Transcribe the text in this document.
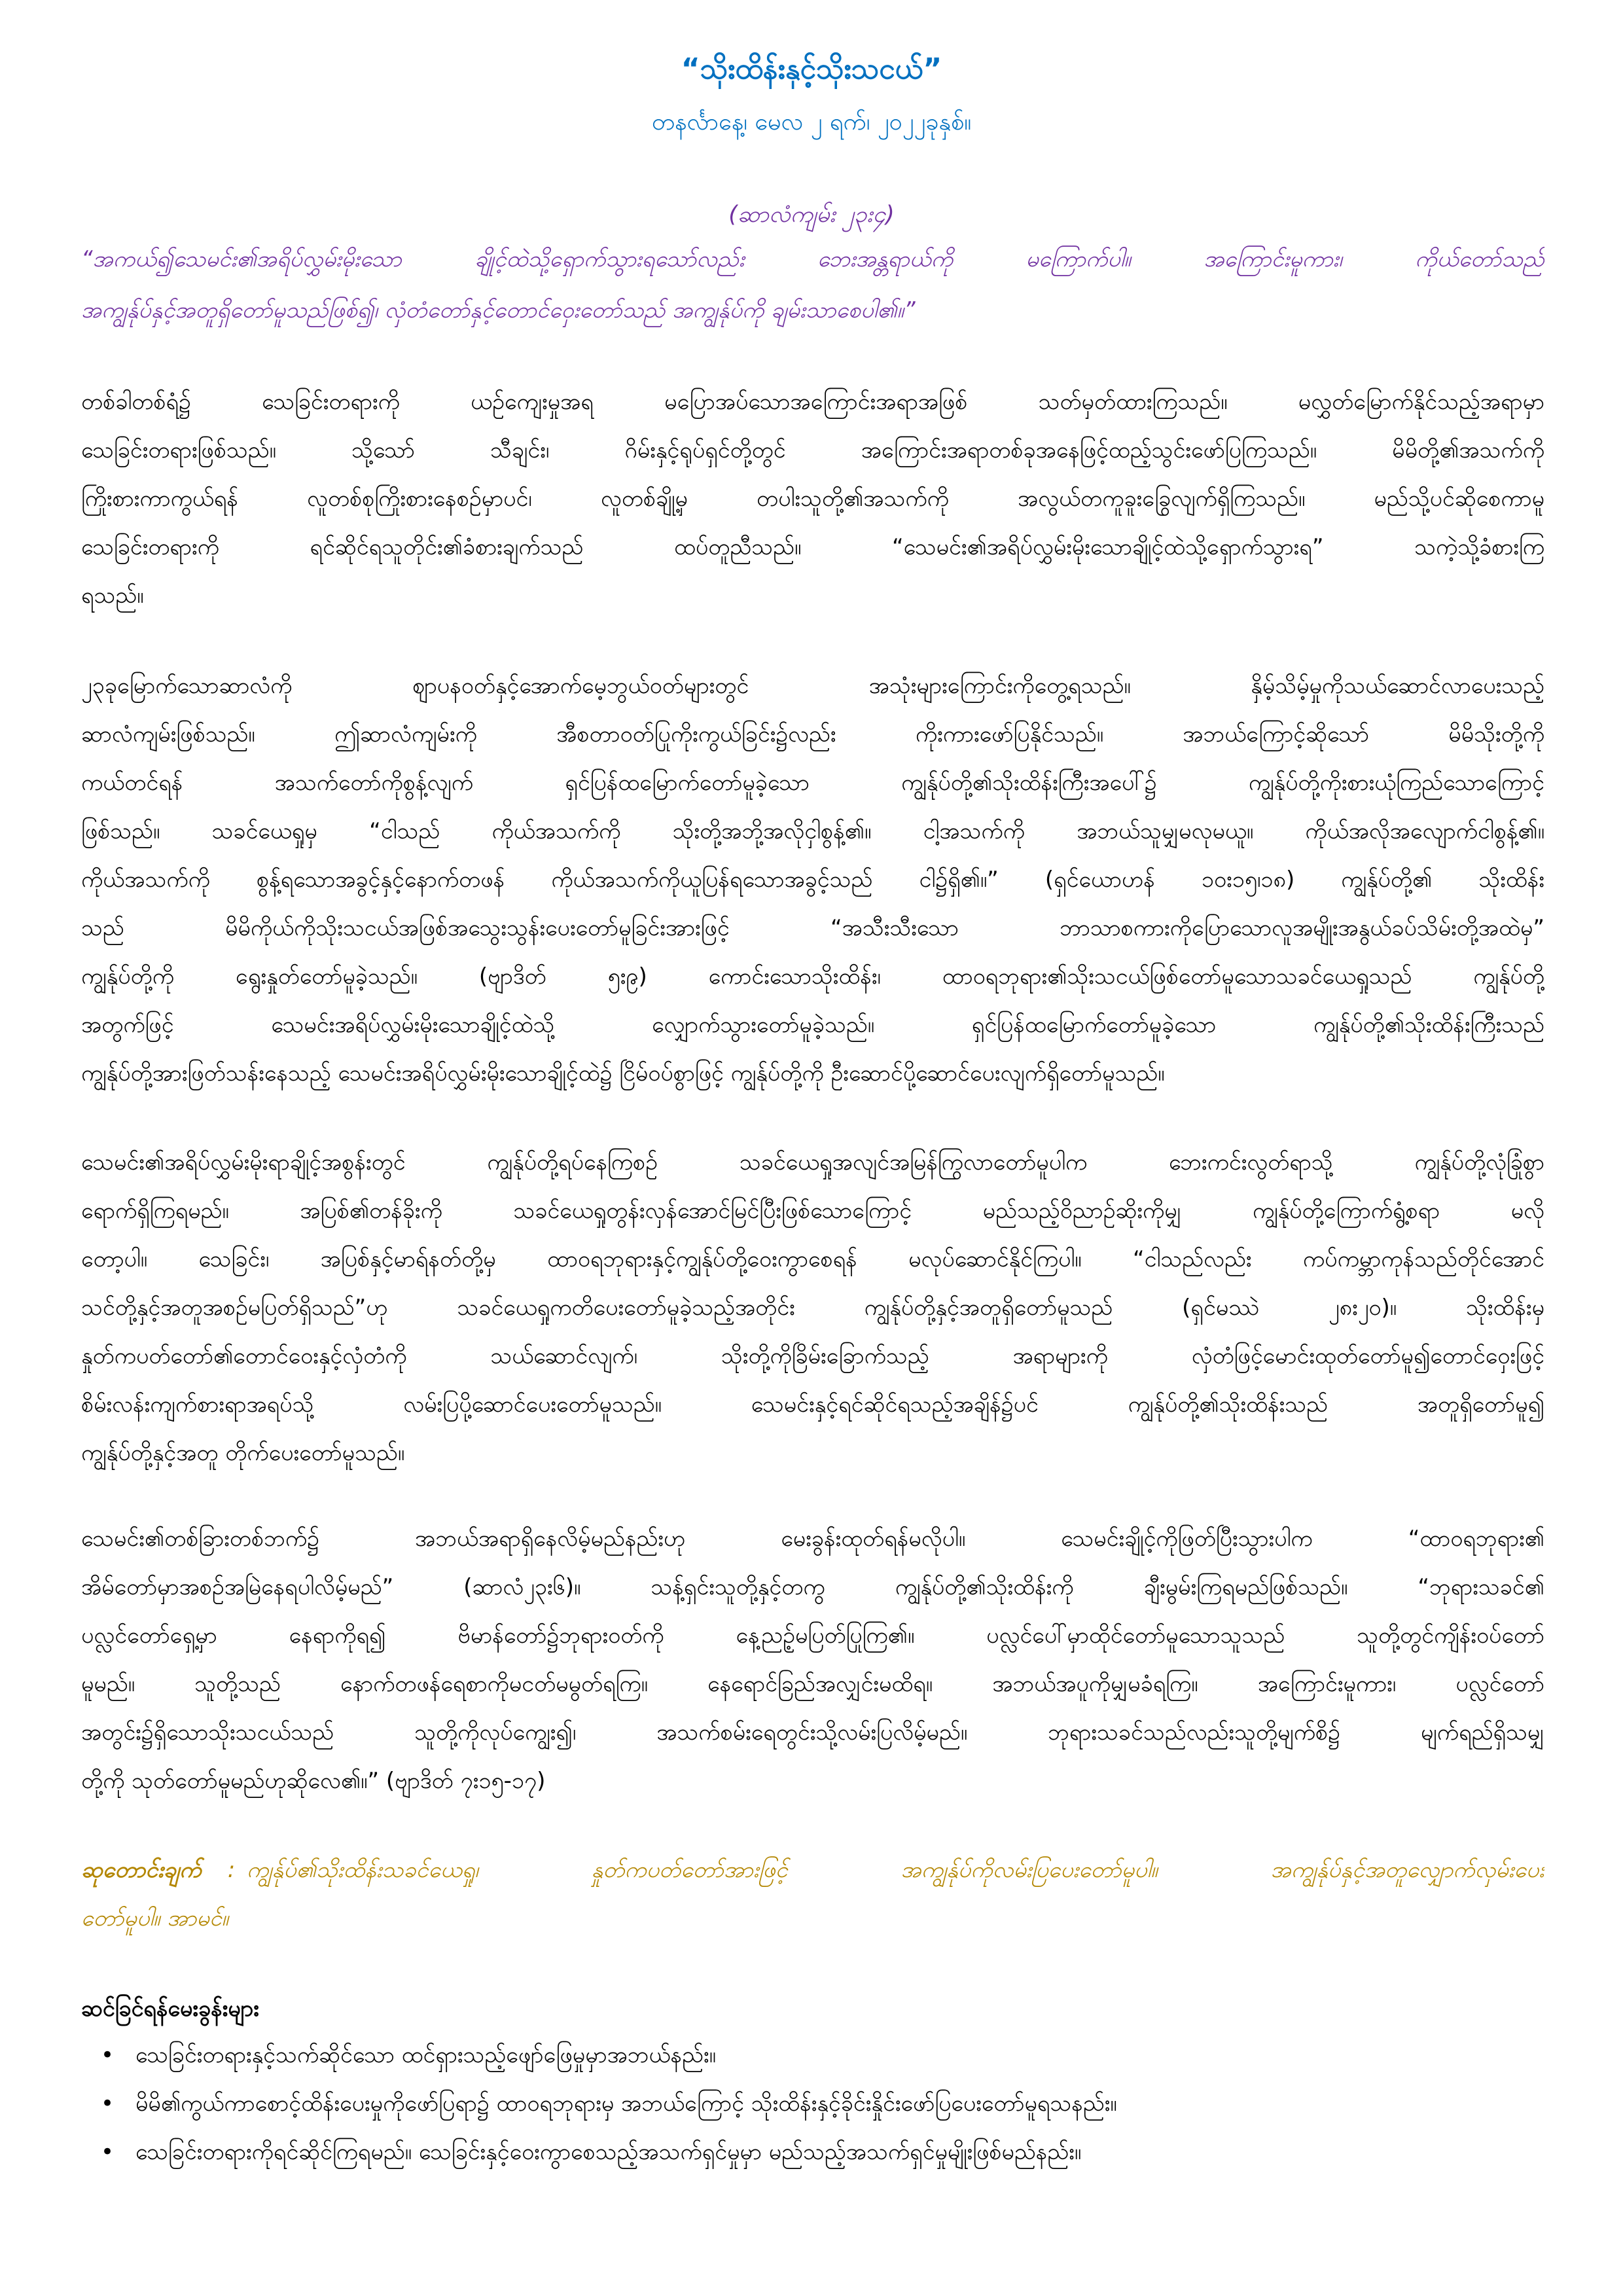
“သိုးထိန်းနှင့်သိုးသငယ်”
တနင်္လာနေ့၊ မေလ ၂ ရက်၊ ၂၀၂၂ခုနှစ်။
(ဆာလံကျမ်း ၂၃း၄)
“အကယ်၍သေမင်း၏အရိပ်လွှမ်းမိုးသော ချိုင့်ထဲသို့ရှောက်သွားရသော်လည်း ဘေးအန္တရာယ်ကို မကြောက်ပါ။ အကြောင်းမူကား၊ ကိုယ်တော်သည်
အကျွန်ုပ်နှင့်အတူရှိတော်မူသည်ဖြစ်၍၊ လှံတံတော်နှင့်တောင်ဝှေးတော်သည် အကျွန်ုပ်ကို ချမ်းသာစေပါ၏။”
တစ်ခါတစ်ရံ၌ သေခြင်းတရားကို ယဉ်ကျေးမှုအရ မပြောအပ်သောအကြောင်းအရာအဖြစ် သတ်မှတ်ထားကြသည်။ မလွှတ်မြောက်နိုင်သည့်အရာမှာ
သေခြင်းတရားဖြစ်သည်။ သို့သော် သီချင်း၊ ဂိမ်းနှင့်ရုပ်ရှင်တို့တွင် အကြောင်းအရာတစ်ခုအနေဖြင့်ထည့်သွင်းဖော်ပြကြသည်။ မိမိတို့၏အသက်ကို
ကြိုးစားကာကွယ်ရန် လူတစ်စုကြိုးစားနေစဉ်မှာပင်၊ လူတစ်ချို့မှ တပါးသူတို့၏အသက်ကို အလွယ်တကူခူးခြွေလျက်ရှိကြသည်။ မည်သို့ပင်ဆိုစေကာမူ
သေခြင်းတရားကို ရင်ဆိုင်ရသူတိုင်း၏ခံစားချက်သည် ထပ်တူညီသည်။ “သေမင်း၏အရိပ်လွှမ်းမိုးသောချိုင့်ထဲသို့ရှောက်သွားရ” သကဲ့သို့ခံစားကြ
ရသည်။
၂၃ခုမြောက်သောဆာလံကို ဈာပနဝတ်နှင့်အောက်မေ့ဘွယ်ဝတ်များတွင် အသုံးများကြောင်းကိုတွေ့ရသည်။ နှိမ့်သိမ့်မှုကိုသယ်ဆောင်လာပေးသည့်
ဆာလံကျမ်းဖြစ်သည်။ ဤဆာလံကျမ်းကို အီစတာဝတ်ပြုကိုးကွယ်ခြင်း၌လည်း ကိုးကားဖော်ပြနိုင်သည်။ အဘယ်ကြောင့်ဆိုသော် မိမိသိုးတို့ကို
ကယ်တင်ရန် အသက်တော်ကိုစွန့်လျက် ရှင်ပြန်ထမြောက်တော်မူခဲ့သော ကျွန်ုပ်တို့၏သိုးထိန်းကြီးအပေါ်၌ ကျွန်ုပ်တို့ကိုးစားယုံကြည်သောကြောင့်
ဖြစ်သည်။ သခင်ယေရှုမှ “ငါသည် ကိုယ်အသက်ကို သိုးတို့အဘို့အလိုငှါစွန့်၏။ ငါ့အသက်ကို အဘယ်သူမျှမလုမယူ။ ကိုယ်အလိုအလျောက်ငါစွန့်၏။
ကိုယ်အသက်ကို စွန့်ရသောအခွင့်နှင့်နောက်တဖန် ကိုယ်အသက်ကိုယူပြန်ရသောအခွင့်သည် ငါ၌ရှိ၏။” (ရှင်ယောဟန် ၁၀း၁၅၊၁၈) ကျွန်ုပ်တို့၏ သိုးထိန်း
သည် မိမိကိုယ်ကိုသိုးသငယ်အဖြစ်အသွေးသွန်းပေးတော်မူခြင်းအားဖြင့် “အသီးသီးသော ဘာသာစကားကိုပြောသောလူအမျိုးအနွယ်ခပ်သိမ်းတို့အထဲမှ”
ကျွန်ုပ်တို့ကို ရွေးနှုတ်တော်မူခဲ့သည်။ (ဗျာဒိတ် ၅း၉) ကောင်းသောသိုးထိန်း၊ ထာဝရဘုရား၏သိုးသငယ်ဖြစ်တော်မူသောသခင်ယေရှုသည် ကျွန်ုပ်တို့
အတွက်ဖြင့် သေမင်းအရိပ်လွှမ်းမိုးသောချိုင့်ထဲသို့ လျှောက်သွားတော်မူခဲ့သည်။ ရှင်ပြန်ထမြောက်တော်မူခဲ့သော ကျွန်ုပ်တို့၏သိုးထိန်းကြီးသည်
ကျွန်ုပ်တို့အားဖြတ်သန်းနေသည့် သေမင်းအရိပ်လွှမ်းမိုးသောချိုင့်ထဲ၌ ငြိမ်ဝပ်စွာဖြင့် ကျွန်ုပ်တို့ကို ဦးဆောင်ပို့ဆောင်ပေးလျက်ရှိတော်မူသည်။
သေမင်း၏အရိပ်လွှမ်းမိုးရာချိုင့်အစွန်းတွင် ကျွန်ုပ်တို့ရပ်နေကြစဉ် သခင်ယေရှုအလျင်အမြန်ကြွလာတော်မူပါက ဘေးကင်းလွတ်ရာသို့ ကျွန်ုပ်တို့လုံခြုံစွာ
ရောက်ရှိကြရမည်။ အပြစ်၏တန်ခိုးကို သခင်ယေရှုတွန်းလှန်အောင်မြင်ပြီးဖြစ်သောကြောင့် မည်သည့်ဝိညာဉ်ဆိုးကိုမျှ ကျွန်ုပ်တို့ကြောက်ရွံ့စရာ မလို
တော့ပါ။ သေခြင်း၊ အပြစ်နှင့်မာရ်နတ်တို့မှ ထာဝရဘုရားနှင့်ကျွန်ုပ်တို့ဝေးကွာစေရန် မလုပ်ဆောင်နိုင်ကြပါ။ “ငါသည်လည်း ကပ်ကမ္ဘာကုန်သည်တိုင်အောင်
သင်တို့နှင့်အတူအစဉ်မပြတ်ရှိသည်”ဟု သခင်ယေရှုကတိပေးတော်မူခဲ့သည့်အတိုင်း ကျွန်ုပ်တို့နှင့်အတူရှိတော်မူသည် (ရှင်မဿဲ ၂၈း၂၀)။ သိုးထိန်းမှ
နှုတ်ကပတ်တော်၏တောင်ဝေးနှင့်လှံတံကို သယ်ဆောင်လျက်၊ သိုးတို့ကိုခြိမ်းခြောက်သည့် အရာများကို လှံတံဖြင့်မောင်းထုတ်တော်မူ၍တောင်ဝှေးဖြင့်
စိမ်းလန်းကျက်စားရာအရပ်သို့ လမ်းပြပို့ဆောင်ပေးတော်မူသည်။ သေမင်းနှင့်ရင်ဆိုင်ရသည့်အချိန်၌ပင် ကျွန်ုပ်တို့၏သိုးထိန်းသည် အတူရှိတော်မူ၍
ကျွန်ုပ်တို့နှင့်အတူ တိုက်ပေးတော်မူသည်။
သေမင်း၏တစ်ခြားတစ်ဘက်၌ အဘယ်အရာရှိနေလိမ့်မည်နည်းဟု မေးခွန်းထုတ်ရန်မလိုပါ။ သေမင်းချိုင့်ကိုဖြတ်ပြီးသွားပါက “ထာဝရဘုရား၏
အိမ်တော်မှာအစဉ်အမြဲနေရပါလိမ့်မည်” (ဆာလံ၂၃း၆)။ သန့်ရှင်းသူတို့နှင့်တကွ ကျွန်ုပ်တို့၏သိုးထိန်းကို ချီးမွမ်းကြရမည်ဖြစ်သည်။ “ဘုရားသခင်၏
ပလ္လင်တော်ရှေ့မှာ နေရာကိုရ၍ ဗိမာန်တော်၌ဘုရားဝတ်ကို နေ့ညဉ့်မပြတ်ပြုကြ၏။ ပလ္လင်ပေါ်မှာထိုင်တော်မူသောသူသည် သူတို့တွင်ကျိန်းဝပ်တော်
မူမည်။ သူတို့သည် နောက်တဖန်ရေစာကိုမငတ်မမွတ်ရကြ။ နေရောင်ခြည်အလျှင်းမထိရ။ အဘယ်အပူကိုမျှမခံရကြ။ အကြောင်းမူကား၊ ပလ္လင်တော်
အတွင်း၌ရှိသောသိုးသငယ်သည် သူတို့ကိုလုပ်ကျွေး၍၊ အသက်စမ်းရေတွင်းသို့လမ်းပြလိမ့်မည်။ ဘုရားသခင်သည်လည်းသူတို့မျက်စိ၌ မျက်ရည်ရှိသမျှ
တို့ကို သုတ်တော်မူမည်ဟုဆိုလေ၏။” (ဗျာဒိတ် ၇း၁၅-၁၇)
ဆုတောင်းချက် : ကျွန်ုပ်၏သိုးထိန်းသခင်ယေရှု၊ နှုတ်ကပတ်တော်အားဖြင့် အကျွန်ုပ်ကိုလမ်းပြပေးတော်မူပါ။ အကျွန်ုပ်နှင့်အတူလျှောက်လှမ်းပေး
တော်မူပါ။ အာမင်။
ဆင်ခြင်ရန်မေးခွန်းများ
•
သေခြင်းတရားနှင့်သက်ဆိုင်သော ထင်ရှားသည့်ဖျော်ဖြေမှုမှာအဘယ်နည်း။
•
မိမိ၏ကွယ်ကာစောင့်ထိန်းပေးမှုကိုဖော်ပြရာ၌ ထာဝရဘုရားမှ အဘယ်ကြောင့် သိုးထိန်းနှင့်ခိုင်းနှိုင်းဖော်ပြပေးတော်မူရသနည်း။
•
သေခြင်းတရားကိုရင်ဆိုင်ကြရမည်။ သေခြင်းနှင့်ဝေးကွာစေသည့်အသက်ရှင်မှုမှာ မည်သည့်အသက်ရှင်မှုမျိုးဖြစ်မည်နည်း။
